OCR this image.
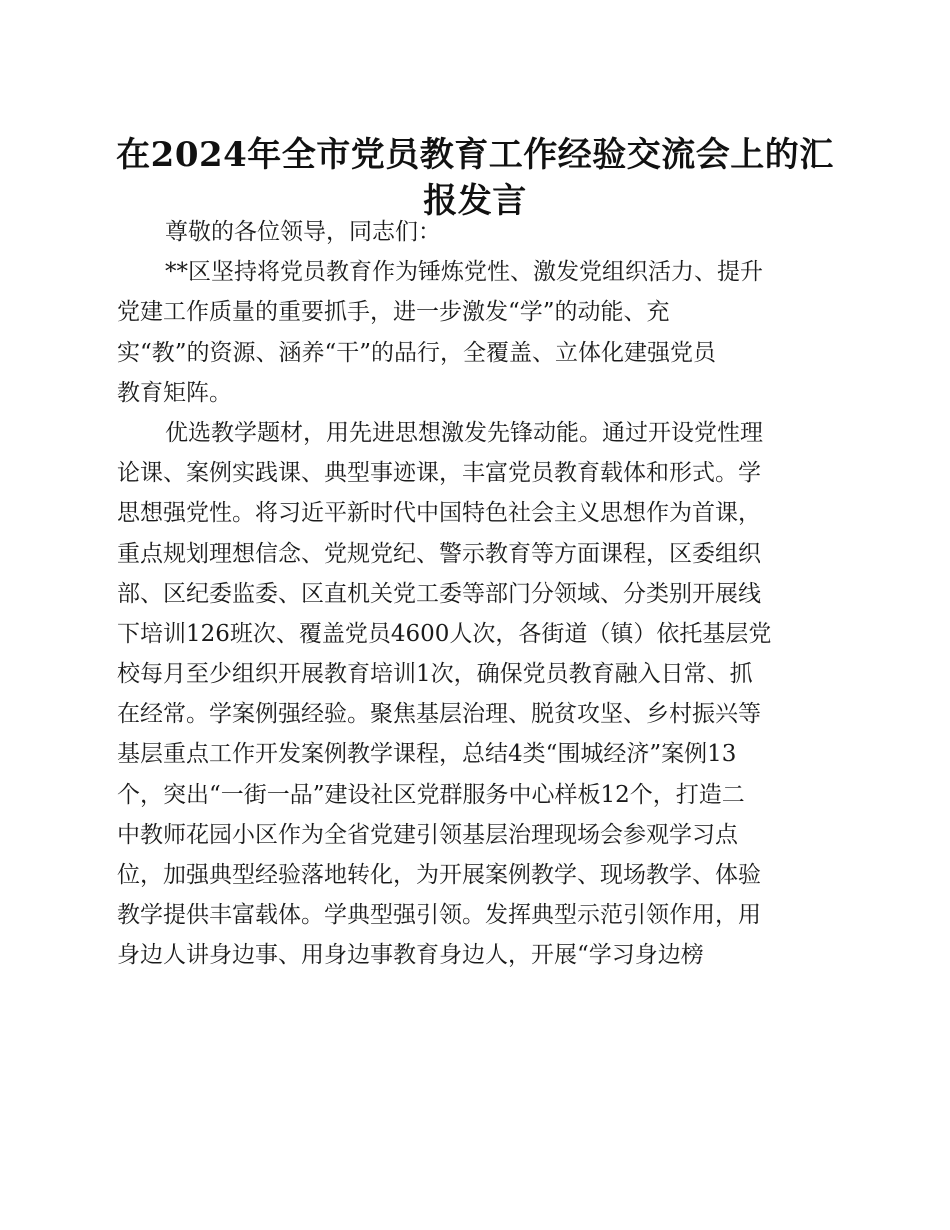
在2024年全市党员教育工作经验交流会上的汇
报发言
尊敬的各位领导，同志们：
**区坚持将党员教育作为锤炼党性、激发党组织活力、提升
党建工作质量的重要抓手，进一步激发“学”的动能、充
实“教”的资源、涵养“干”的品行，全覆盖、立体化建强党员
教育矩阵。
优选教学题材，用先进思想激发先锋动能。通过开设党性理
论课、案例实践课、典型事迹课，丰富党员教育载体和形式。学
思想强党性。将习近平新时代中国特色社会主义思想作为首课，
重点规划理想信念、党规党纪、警示教育等方面课程，区委组织
部、区纪委监委、区直机关党工委等部门分领域、分类别开展线
下培训126班次、覆盖党员4600人次，各街道（镇）依托基层党
校每月至少组织开展教育培训1次，确保党员教育融入日常、抓
在经常。学案例强经验。聚焦基层治理、脱贫攻坚、乡村振兴等
基层重点工作开发案例教学课程，总结4类“围城经济”案例13
个，突出“一街一品”建设社区党群服务中心样板12个，打造二
中教师花园小区作为全省党建引领基层治理现场会参观学习点
位，加强典型经验落地转化，为开展案例教学、现场教学、体验
教学提供丰富载体。学典型强引领。发挥典型示范引领作用，用
身边人讲身边事、用身边事教育身边人，开展“学习身边榜
